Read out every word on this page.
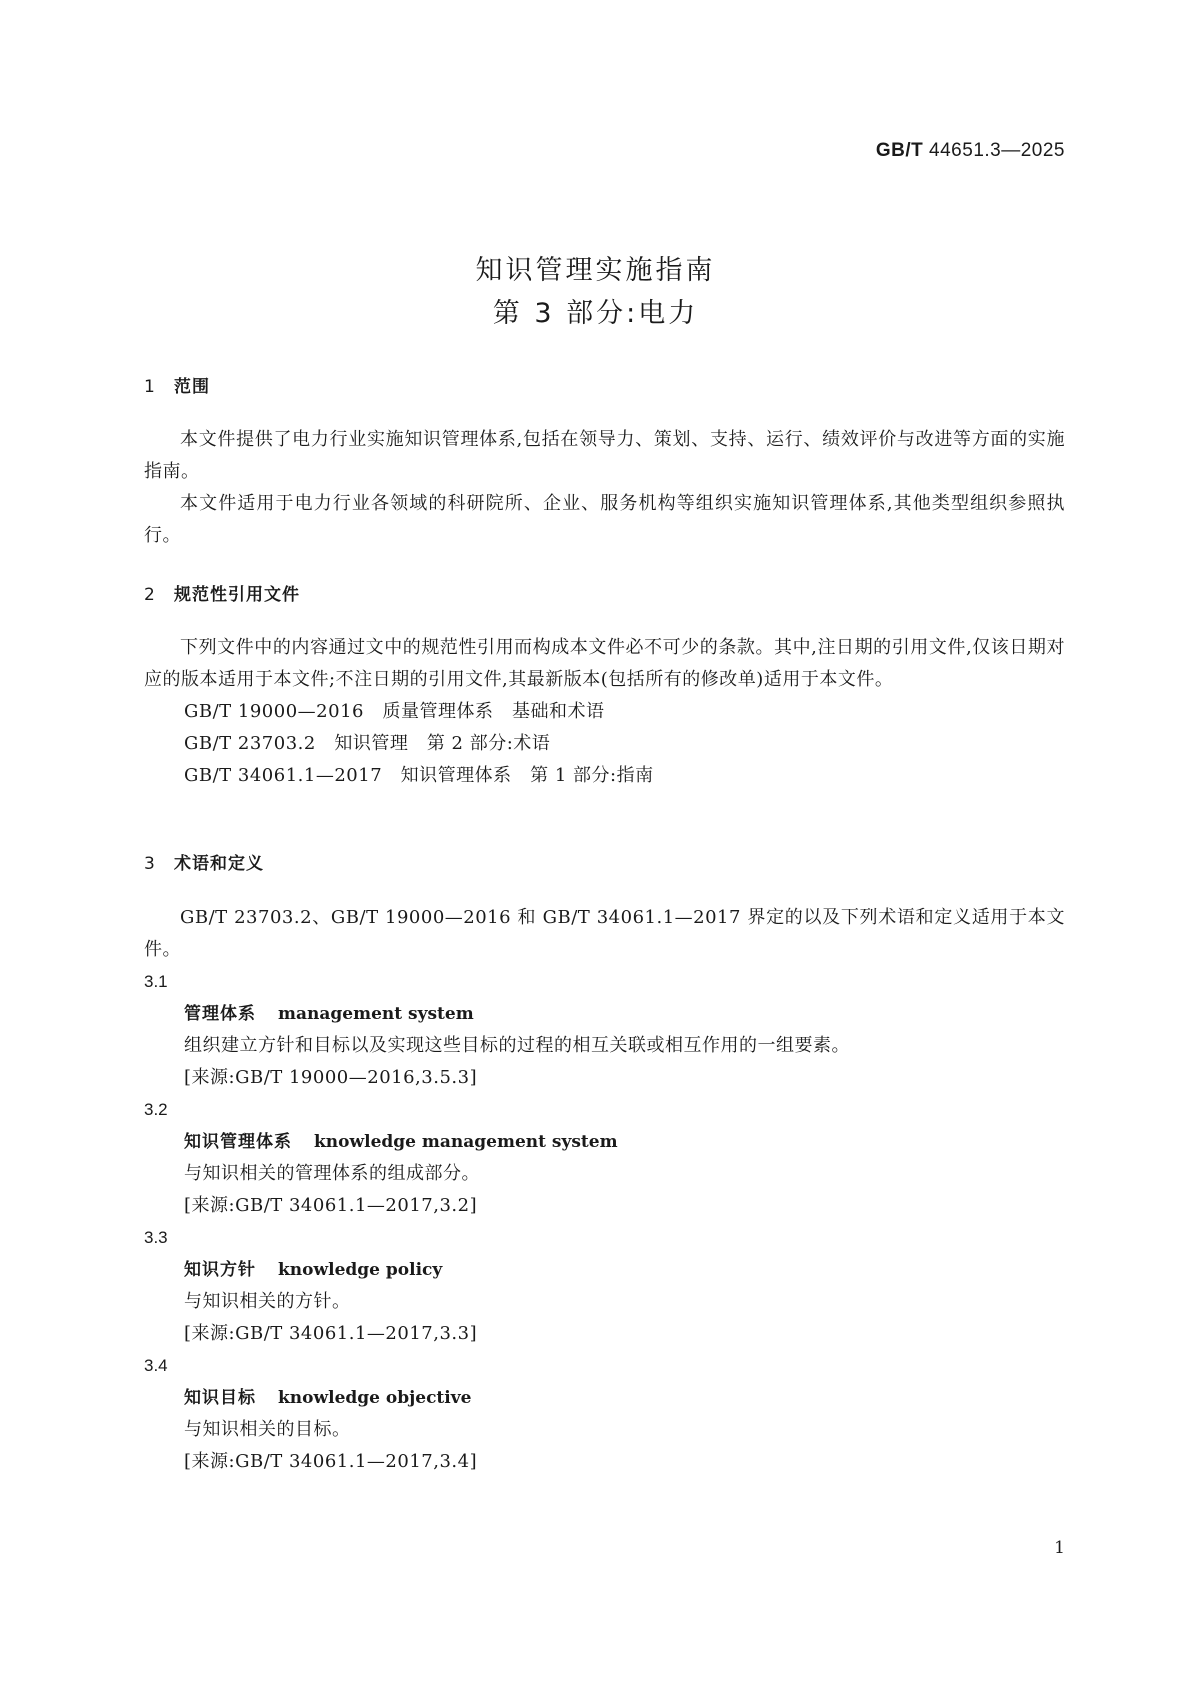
GB/T 44651.3—2025
知识管理实施指南
第 3 部分:电力

1 范围

本文件提供了电力行业实施知识管理体系,包括在领导力、策划、支持、运行、绩效评价与改进等方面的实施指南。

本文件适用于电力行业各领域的科研院所、企业、服务机构等组织实施知识管理体系,其他类型组织参照执行。

2 规范性引用文件

下列文件中的内容通过文中的规范性引用而构成本文件必不可少的条款。其中,注日期的引用文件,仅该日期对应的版本适用于本文件;不注日期的引用文件,其最新版本(包括所有的修改单)适用于本文件。

GB/T 19000—2016　质量管理体系　基础和术语

GB/T 23703.2　知识管理　第 2 部分:术语

GB/T 34061.1—2017　知识管理体系　第 1 部分:指南

3 术语和定义

GB/T 23703.2、GB/T 19000—2016 和 GB/T 34061.1—2017 界定的以及下列术语和定义适用于本文件。

3.1

管理体系 management system

组织建立方针和目标以及实现这些目标的过程的相互关联或相互作用的一组要素。

[来源:GB/T 19000—2016,3.5.3]

3.2

知识管理体系 knowledge management system

与知识相关的管理体系的组成部分。

[来源:GB/T 34061.1—2017,3.2]

3.3

知识方针 knowledge policy

与知识相关的方针。

[来源:GB/T 34061.1—2017,3.3]

3.4

知识目标 knowledge objective

与知识相关的目标。

[来源:GB/T 34061.1—2017,3.4]

1
